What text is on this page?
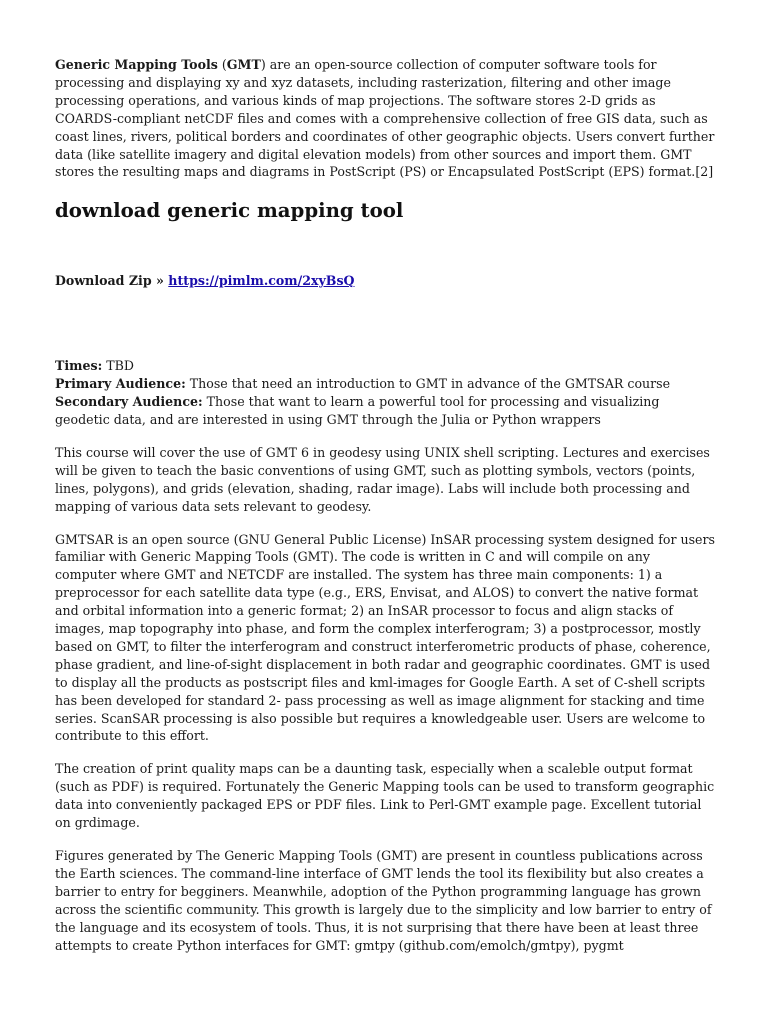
Generic Mapping Tools (GMT) are an open-source collection of computer software tools for processing and displaying xy and xyz datasets, including rasterization, filtering and other image processing operations, and various kinds of map projections. The software stores 2-D grids as COARDS-compliant netCDF files and comes with a comprehensive collection of free GIS data, such as coast lines, rivers, political borders and coordinates of other geographic objects. Users convert further data (like satellite imagery and digital elevation models) from other sources and import them. GMT stores the resulting maps and diagrams in PostScript (PS) or Encapsulated PostScript (EPS) format.[2]

download generic mapping tool

Download Zip » https://pimlm.com/2xyBsQ

Times: TBD
Primary Audience: Those that need an introduction to GMT in advance of the GMTSAR course
Secondary Audience: Those that want to learn a powerful tool for processing and visualizing geodetic data, and are interested in using GMT through the Julia or Python wrappers

This course will cover the use of GMT 6 in geodesy using UNIX shell scripting. Lectures and exercises will be given to teach the basic conventions of using GMT, such as plotting symbols, vectors (points, lines, polygons), and grids (elevation, shading, radar image). Labs will include both processing and mapping of various data sets relevant to geodesy.

GMTSAR is an open source (GNU General Public License) InSAR processing system designed for users familiar with Generic Mapping Tools (GMT). The code is written in C and will compile on any computer where GMT and NETCDF are installed. The system has three main components: 1) a preprocessor for each satellite data type (e.g., ERS, Envisat, and ALOS) to convert the native format and orbital information into a generic format; 2) an InSAR processor to focus and align stacks of images, map topography into phase, and form the complex interferogram; 3) a postprocessor, mostly based on GMT, to filter the interferogram and construct interferometric products of phase, coherence, phase gradient, and line-of-sight displacement in both radar and geographic coordinates. GMT is used to display all the products as postscript files and kml-images for Google Earth. A set of C-shell scripts has been developed for standard 2- pass processing as well as image alignment for stacking and time series. ScanSAR processing is also possible but requires a knowledgeable user. Users are welcome to contribute to this effort.

The creation of print quality maps can be a daunting task, especially when a scaleble output format (such as PDF) is required. Fortunately the Generic Mapping tools can be used to transform geographic data into conveniently packaged EPS or PDF files. Link to Perl-GMT example page. Excellent tutorial on grdimage.

Figures generated by The Generic Mapping Tools (GMT) are present in countless publications across the Earth sciences. The command-line interface of GMT lends the tool its flexibility but also creates a barrier to entry for begginers. Meanwhile, adoption of the Python programming language has grown across the scientific community. This growth is largely due to the simplicity and low barrier to entry of the language and its ecosystem of tools. Thus, it is not surprising that there have been at least three attempts to create Python interfaces for GMT: gmtpy (github.com/emolch/gmtpy), pygmt
